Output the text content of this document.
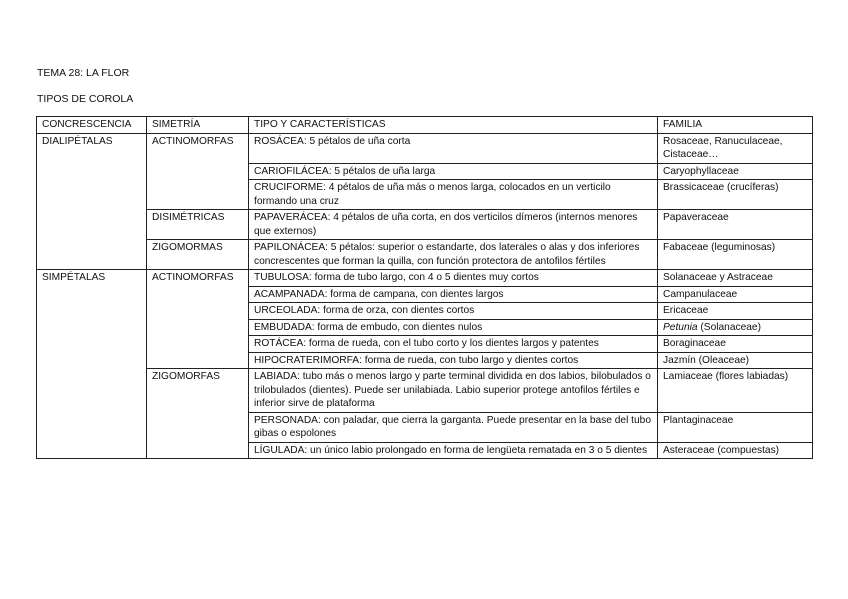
TEMA 28: LA FLOR
TIPOS DE COROLA
CONCRESCENCIA	SIMETRÍA	TIPO Y CARACTERÍSTICAS	FAMILIA
DIALIPÉTALAS	ACTINOMORFAS	ROSÁCEA: 5 pétalos de uña corta	Rosaceae, Ranuculaceae, Cistaceae…
		CARIOFILÁCEA: 5 pétalos de uña larga	Caryophyllaceae
		CRUCIFORME: 4 pétalos de uña más o menos larga, colocados en un verticilo formando una cruz	Brassicaceae (crucíferas)
	DISIMÉTRICAS	PAPAVERÁCEA: 4 pétalos de uña corta, en dos verticilos dímeros (internos menores que externos)	Papaveraceae
	ZIGOMORMAS	PAPILONÁCEA: 5 pétalos: superior o estandarte, dos laterales o alas y dos inferiores concrescentes que forman la quilla, con función protectora de antofilos fértiles	Fabaceae (leguminosas)
SIMPÉTALAS	ACTINOMORFAS	TUBULOSA: forma de tubo largo, con 4 o 5 dientes muy cortos	Solanaceae y Astraceae
		ACAMPANADA: forma de campana, con dientes largos	Campanulaceae
		URCEOLADA: forma de orza, con dientes cortos	Ericaceae
		EMBUDADA: forma de embudo, con dientes nulos	Petunia (Solanaceae)
		ROTÁCEA: forma de rueda, con el tubo corto y los dientes largos y patentes	Boraginaceae
		HIPOCRATERIMORFA: forma de rueda, con tubo largo y dientes cortos	Jazmín (Oleaceae)
	ZIGOMORFAS	LABIADA: tubo más o menos largo y parte terminal dividida en dos labios, bilobulados o trilobulados (dientes). Puede ser unilabiada. Labio superior protege antofilos fértiles e inferior sirve de plataforma	Lamiaceae (flores labiadas)
		PERSONADA: con paladar, que cierra la garganta. Puede presentar en la base del tubo gibas o espolones	Plantaginaceae
		LÍGULADA: un único labio prolongado en forma de lengüeta rematada en 3 o 5 dientes	Asteraceae (compuestas)
